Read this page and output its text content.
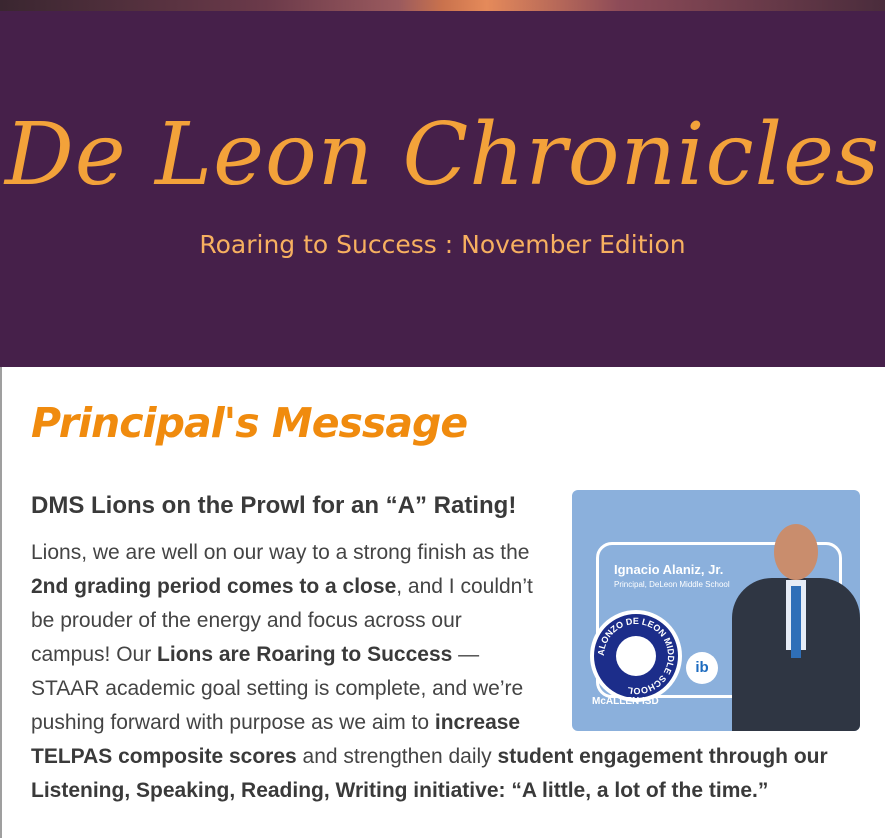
De Leon Chronicles
Roaring to Success : November Edition
Principal's Message
DMS Lions on the Prowl for an “A” Rating!
Lions, we are well on our way to a strong finish as the 2nd grading period comes to a close, and I couldn’t be prouder of the energy and focus across our campus! Our Lions are Roaring to Success — STAAR academic goal setting is complete, and we’re pushing forward with purpose as we aim to increase TELPAS composite scores and strengthen daily student engagement through our Listening, Speaking, Reading, Writing initiative: “A little, a lot of the time.”
Ignacio Alaniz, Jr.
Principal, DeLeon Middle School
ALONZO DE LEON MIDDLE SCHOOL
ib
McALLEN ISD
